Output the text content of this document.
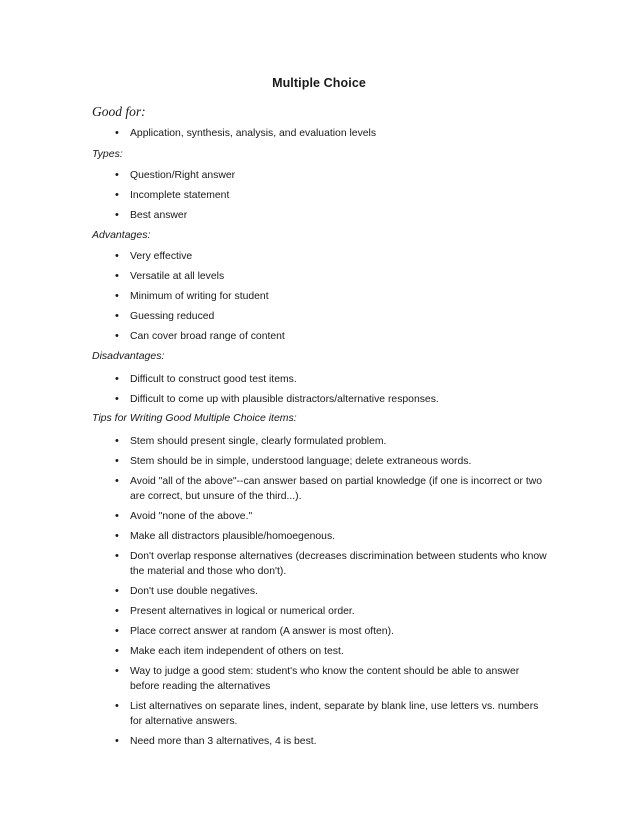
Multiple Choice
Good for:
• Application, synthesis, analysis, and evaluation levels
Types:
• Question/Right answer
• Incomplete statement
• Best answer
Advantages:
• Very effective
• Versatile at all levels
• Minimum of writing for student
• Guessing reduced
• Can cover broad range of content
Disadvantages:
• Difficult to construct good test items.
• Difficult to come up with plausible distractors/alternative responses.
Tips for Writing Good Multiple Choice items:
• Stem should present single, clearly formulated problem.
• Stem should be in simple, understood language; delete extraneous words.
• Avoid "all of the above"--can answer based on partial knowledge (if one is incorrect or two are correct, but unsure of the third...).
• Avoid "none of the above."
• Make all distractors plausible/homoegenous.
• Don't overlap response alternatives (decreases discrimination between students who know the material and those who don't).
• Don't use double negatives.
• Present alternatives in logical or numerical order.
• Place correct answer at random (A answer is most often).
• Make each item independent of others on test.
• Way to judge a good stem: student's who know the content should be able to answer before reading the alternatives
• List alternatives on separate lines, indent, separate by blank line, use letters vs. numbers for alternative answers.
• Need more than 3 alternatives, 4 is best.
